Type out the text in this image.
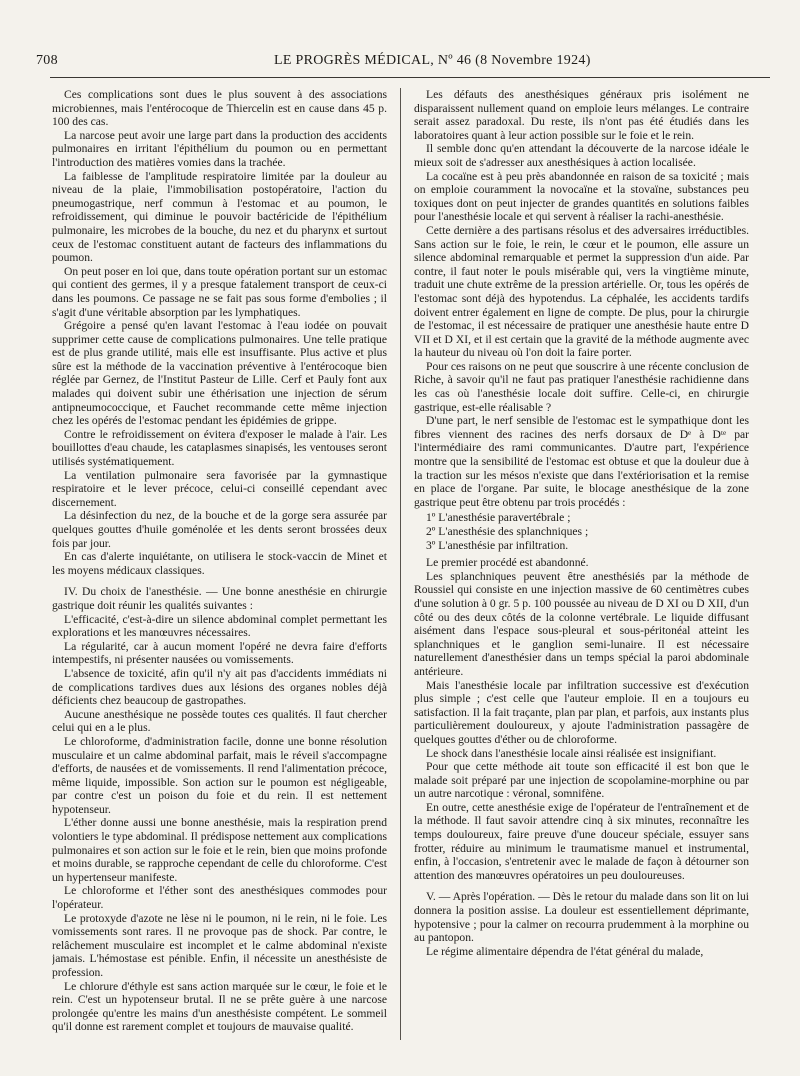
708	LE PROGRÈS MÉDICAL, Nº 46 (8 Novembre 1924)

Ces complications sont dues le plus souvent à des associations microbiennes, mais l'entérocoque de Thiercelin est en cause dans 45 p. 100 des cas.

La narcose peut avoir une large part dans la production des accidents pulmonaires en irritant l'épithélium du poumon ou en permettant l'introduction des matières vomies dans la trachée.

La faiblesse de l'amplitude respiratoire limitée par la douleur au niveau de la plaie, l'immobilisation postopératoire, l'action du pneumogastrique, nerf commun à l'estomac et au poumon, le refroidissement, qui diminue le pouvoir bactéricide de l'épithélium pulmonaire, les microbes de la bouche, du nez et du pharynx et surtout ceux de l'estomac constituent autant de facteurs des inflammations du poumon.

On peut poser en loi que, dans toute opération portant sur un estomac qui contient des germes, il y a presque fatalement transport de ceux-ci dans les poumons. Ce passage ne se fait pas sous forme d'embolies ; il s'agit d'une véritable absorption par les lymphatiques.

Grégoire a pensé qu'en lavant l'estomac à l'eau iodée on pouvait supprimer cette cause de complications pulmonaires. Une telle pratique est de plus grande utilité, mais elle est insuffisante. Plus active et plus sûre est la méthode de la vaccination préventive à l'entérocoque bien réglée par Gernez, de l'Institut Pasteur de Lille. Cerf et Pauly font aux malades qui doivent subir une éthérisation une injection de sérum antipneumococcique, et Fauchet recommande cette même injection chez les opérés de l'estomac pendant les épidémies de grippe.

Contre le refroidissement on évitera d'exposer le malade à l'air. Les bouillottes d'eau chaude, les cataplasmes sinapisés, les ventouses seront utilisés systématiquement.

La ventilation pulmonaire sera favorisée par la gymnastique respiratoire et le lever précoce, celui-ci conseillé cependant avec discernement.

La désinfection du nez, de la bouche et de la gorge sera assurée par quelques gouttes d'huile goménolée et les dents seront brossées deux fois par jour.

En cas d'alerte inquiétante, on utilisera le stock-vaccin de Minet et les moyens médicaux classiques.

IV. Du choix de l'anesthésie. — Une bonne anesthésie en chirurgie gastrique doit réunir les qualités suivantes :

L'efficacité, c'est-à-dire un silence abdominal complet permettant les explorations et les manœuvres nécessaires.

La régularité, car à aucun moment l'opéré ne devra faire d'efforts intempestifs, ni présenter nausées ou vomissements.

L'absence de toxicité, afin qu'il n'y ait pas d'accidents immédiats ni de complications tardives dues aux lésions des organes nobles déjà déficients chez beaucoup de gastropathes.

Aucune anesthésique ne possède toutes ces qualités. Il faut chercher celui qui en a le plus.

Le chloroforme, d'administration facile, donne une bonne résolution musculaire et un calme abdominal parfait, mais le réveil s'accompagne d'efforts, de nausées et de vomissements. Il rend l'alimentation précoce, même liquide, impossible. Son action sur le poumon est négligeable, par contre c'est un poison du foie et du rein. Il est nettement hypotenseur.

L'éther donne aussi une bonne anesthésie, mais la respiration prend volontiers le type abdominal. Il prédispose nettement aux complications pulmonaires et son action sur le foie et le rein, bien que moins profonde et moins durable, se rapproche cependant de celle du chloroforme. C'est un hypertenseur manifeste.

Le chloroforme et l'éther sont des anesthésiques commodes pour l'opérateur.

Le protoxyde d'azote ne lèse ni le poumon, ni le rein, ni le foie. Les vomissements sont rares. Il ne provoque pas de shock. Par contre, le relâchement musculaire est incomplet et le calme abdominal n'existe jamais. L'hémostase est pénible. Enfin, il nécessite un anesthésiste de profession.

Le chlorure d'éthyle est sans action marquée sur le cœur, le foie et le rein. C'est un hypotenseur brutal. Il ne se prête guère à une narcose prolongée qu'entre les mains d'un anesthésiste compétent. Le sommeil qu'il donne est rarement complet et toujours de mauvaise qualité.

Les défauts des anesthésiques généraux pris isolément ne disparaissent nullement quand on emploie leurs mélanges. Le contraire serait assez paradoxal. Du reste, ils n'ont pas été étudiés dans les laboratoires quant à leur action possible sur le foie et le rein.

Il semble donc qu'en attendant la découverte de la narcose idéale le mieux soit de s'adresser aux anesthésiques à action localisée.

La cocaïne est à peu près abandonnée en raison de sa toxicité ; mais on emploie couramment la novocaïne et la stovaïne, substances peu toxiques dont on peut injecter de grandes quantités en solutions faibles pour l'anesthésie locale et qui servent à réaliser la rachi-anesthésie.

Cette dernière a des partisans résolus et des adversaires irréductibles. Sans action sur le foie, le rein, le cœur et le poumon, elle assure un silence abdominal remarquable et permet la suppression d'un aide. Par contre, il faut noter le pouls misérable qui, vers la vingtième minute, traduit une chute extrême de la pression artérielle. Or, tous les opérés de l'estomac sont déjà des hypotendus. La céphalée, les accidents tardifs doivent entrer également en ligne de compte. De plus, pour la chirurgie de l'estomac, il est nécessaire de pratiquer une anesthésie haute entre D VII et D XI, et il est certain que la gravité de la méthode augmente avec la hauteur du niveau où l'on doit la faire porter.

Pour ces raisons on ne peut que souscrire à une récente conclusion de Riche, à savoir qu'il ne faut pas pratiquer l'anesthésie rachidienne dans les cas où l'anesthésie locale doit suffire. Celle-ci, en chirurgie gastrique, est-elle réalisable ?

D'une part, le nerf sensible de l'estomac est le sympathique dont les fibres viennent des racines des nerfs dorsaux de Dᵉ à Dᵗᵉ par l'intermédiaire des rami communicantes. D'autre part, l'expérience montre que la sensibilité de l'estomac est obtuse et que la douleur due à la traction sur les mésos n'existe que dans l'extériorisation et la remise en place de l'organe. Par suite, le blocage anesthésique de la zone gastrique peut être obtenu par trois procédés :

1º L'anesthésie paravertébrale ;

2º L'anesthésie des splanchniques ;

3º L'anesthésie par infiltration.

Le premier procédé est abandonné.

Les splanchniques peuvent être anesthésiés par la méthode de Roussiel qui consiste en une injection massive de 60 centimètres cubes d'une solution à 0 gr. 5 p. 100 poussée au niveau de D XI ou D XII, d'un côté ou des deux côtés de la colonne vertébrale. Le liquide diffusant aisément dans l'espace sous-pleural et sous-péritonéal atteint les splanchniques et le ganglion semi-lunaire. Il est nécessaire naturellement d'anesthésier dans un temps spécial la paroi abdominale antérieure.

Mais l'anesthésie locale par infiltration successive est d'exécution plus simple ; c'est celle que l'auteur emploie. Il en a toujours eu satisfaction. Il la fait traçante, plan par plan, et parfois, aux instants plus particulièrement douloureux, y ajoute l'administration passagère de quelques gouttes d'éther ou de chloroforme.

Le shock dans l'anesthésie locale ainsi réalisée est insignifiant.

Pour que cette méthode ait toute son efficacité il est bon que le malade soit préparé par une injection de scopolamine-morphine ou par un autre narcotique : véronal, somnifène.

En outre, cette anesthésie exige de l'opérateur de l'entraînement et de la méthode. Il faut savoir attendre cinq à six minutes, reconnaître les temps douloureux, faire preuve d'une douceur spéciale, essuyer sans frotter, réduire au minimum le traumatisme manuel et instrumental, enfin, à l'occasion, s'entretenir avec le malade de façon à détourner son attention des manœuvres opératoires un peu douloureuses.

V. — Après l'opération. — Dès le retour du malade dans son lit on lui donnera la position assise. La douleur est essentiellement déprimante, hypotensive ; pour la calmer on recourra prudemment à la morphine ou au pantopon.

Le régime alimentaire dépendra de l'état général du malade,
